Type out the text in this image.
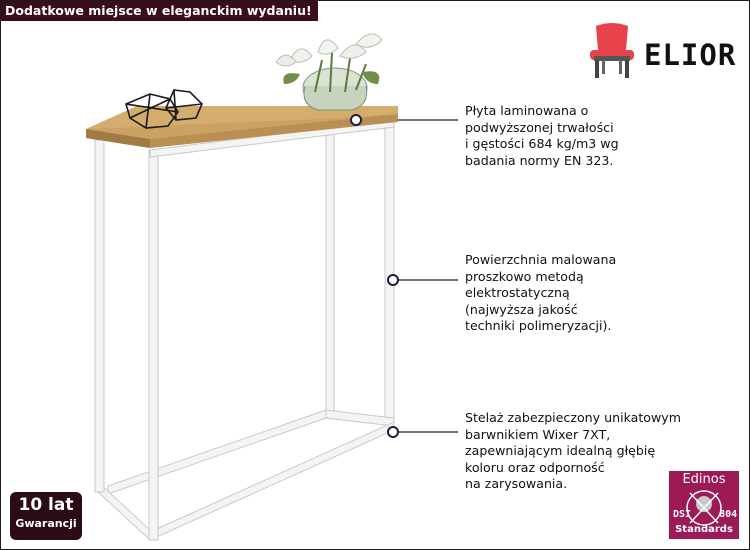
Dodatkowe miejsce w eleganckim wydaniu!
ELIOR
Płyta laminowana o
podwyższonej trwałości
i gęstości 684 kg/m3 wg
badania normy EN 323.
Powierzchnia malowana
proszkowo metodą
elektrostatyczną
(najwyższa jakość
techniki polimeryzacji).
Stelaż zabezpieczony unikatowym
barwnikiem Wixer 7XT,
zapewniającym idealną głębię
koloru oraz odporność
na zarysowania.
10 lat
Gwarancji
Edinos
DSI	804
Standards
